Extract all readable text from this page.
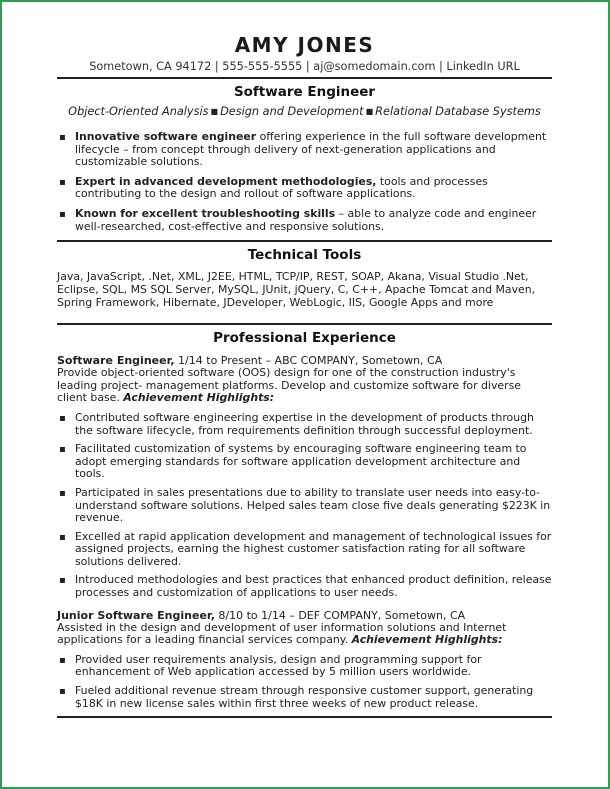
AMY JONES
Sometown, CA 94172 | 555-555-5555 | aj@somedomain.com | LinkedIn URL
Software Engineer
Object-Oriented Analysis ■ Design and Development ■ Relational Database Systems
▪ Innovative software engineer offering experience in the full software development lifecycle – from concept through delivery of next-generation applications and customizable solutions.
▪ Expert in advanced development methodologies, tools and processes contributing to the design and rollout of software applications.
▪ Known for excellent troubleshooting skills – able to analyze code and engineer well-researched, cost-effective and responsive solutions.
Technical Tools
Java, JavaScript, .Net, XML, J2EE, HTML, TCP/IP, REST, SOAP, Akana, Visual Studio .Net, Eclipse, SQL, MS SQL Server, MySQL, JUnit, jQuery, C, C++, Apache Tomcat and Maven, Spring Framework, Hibernate, JDeveloper, WebLogic, IIS, Google Apps and more
Professional Experience
Software Engineer, 1/14 to Present – ABC COMPANY, Sometown, CA
Provide object-oriented software (OOS) design for one of the construction industry's leading project- management platforms. Develop and customize software for diverse client base. Achievement Highlights:
▪ Contributed software engineering expertise in the development of products through the software lifecycle, from requirements definition through successful deployment.
▪ Facilitated customization of systems by encouraging software engineering team to adopt emerging standards for software application development architecture and tools.
▪ Participated in sales presentations due to ability to translate user needs into easy-to-understand software solutions. Helped sales team close five deals generating $223K in revenue.
▪ Excelled at rapid application development and management of technological issues for assigned projects, earning the highest customer satisfaction rating for all software solutions delivered.
▪ Introduced methodologies and best practices that enhanced product definition, release processes and customization of applications to user needs.
Junior Software Engineer, 8/10 to 1/14 – DEF COMPANY, Sometown, CA
Assisted in the design and development of user information solutions and Internet applications for a leading financial services company. Achievement Highlights:
▪ Provided user requirements analysis, design and programming support for enhancement of Web application accessed by 5 million users worldwide.
▪ Fueled additional revenue stream through responsive customer support, generating $18K in new license sales within first three weeks of new product release.
